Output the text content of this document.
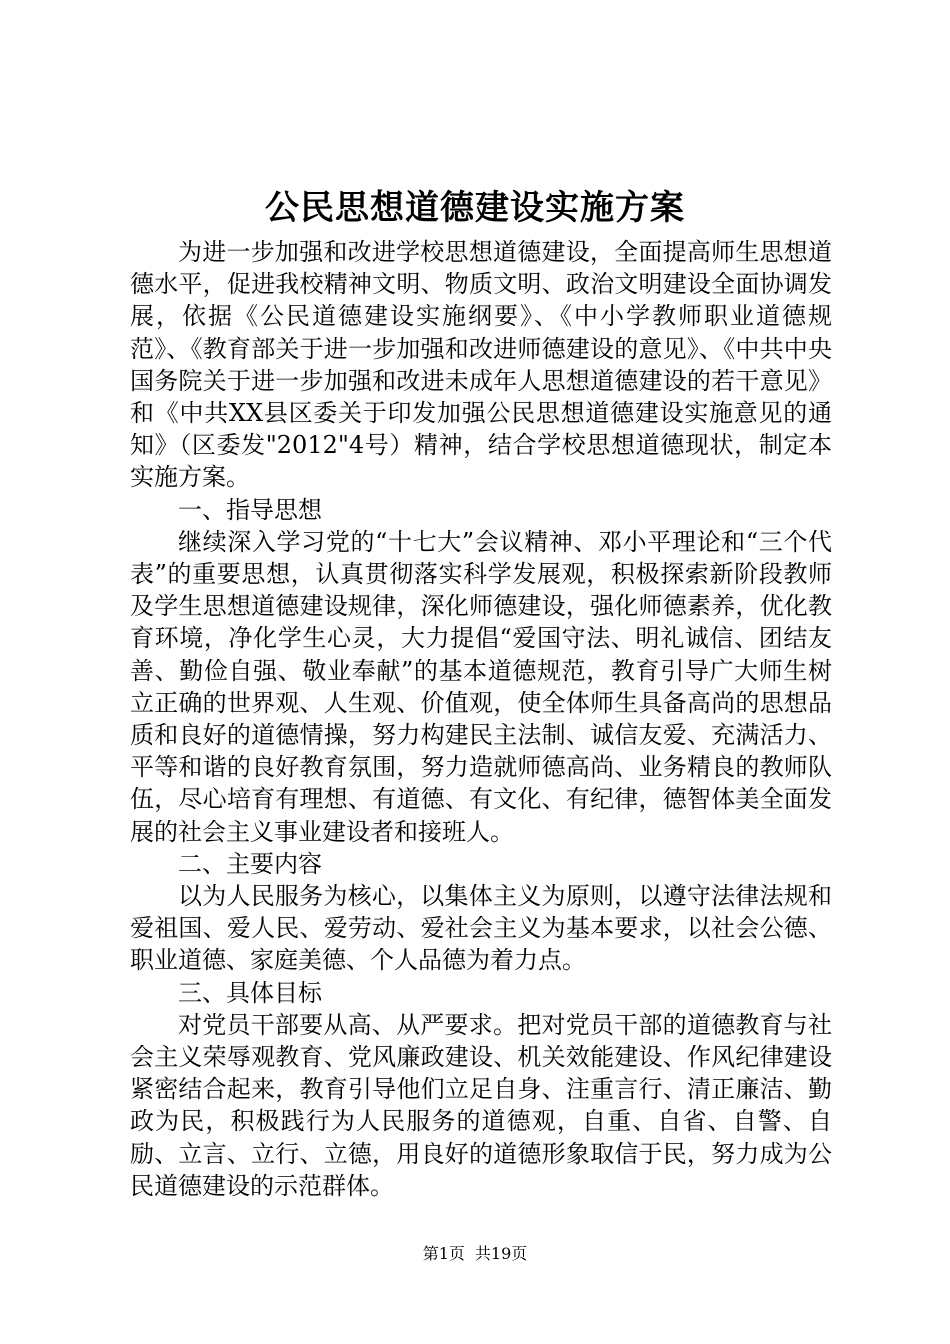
公民思想道德建设实施方案

为进一步加强和改进学校思想道德建设，全面提高师生思想道德水平，促进我校精神文明、物质文明、政治文明建设全面协调发展，依据《公民道德建设实施纲要》、《中小学教师职业道德规范》、《教育部关于进一步加强和改进师德建设的意见》、《中共中央国务院关于进一步加强和改进未成年人思想道德建设的若干意见》和《中共XX县区委关于印发加强公民思想道德建设实施意见的通知》（区委发"2012"4号）精神，结合学校思想道德现状，制定本实施方案。

一、指导思想

继续深入学习党的“十七大”会议精神、邓小平理论和“三个代表”的重要思想，认真贯彻落实科学发展观，积极探索新阶段教师及学生思想道德建设规律，深化师德建设，强化师德素养，优化教育环境，净化学生心灵，大力提倡“爱国守法、明礼诚信、团结友善、勤俭自强、敬业奉献”的基本道德规范，教育引导广大师生树立正确的世界观、人生观、价值观，使全体师生具备高尚的思想品质和良好的道德情操，努力构建民主法制、诚信友爱、充满活力、平等和谐的良好教育氛围，努力造就师德高尚、业务精良的教师队伍，尽心培育有理想、有道德、有文化、有纪律，德智体美全面发展的社会主义事业建设者和接班人。

二、主要内容

以为人民服务为核心，以集体主义为原则，以遵守法律法规和爱祖国、爱人民、爱劳动、爱社会主义为基本要求，以社会公德、职业道德、家庭美德、个人品德为着力点。

三、具体目标

对党员干部要从高、从严要求。把对党员干部的道德教育与社会主义荣辱观教育、党风廉政建设、机关效能建设、作风纪律建设紧密结合起来，教育引导他们立足自身、注重言行、清正廉洁、勤政为民，积极践行为人民服务的道德观，自重、自省、自警、自励、立言、立行、立德，用良好的道德形象取信于民，努力成为公民道德建设的示范群体。

第1页 共19页
